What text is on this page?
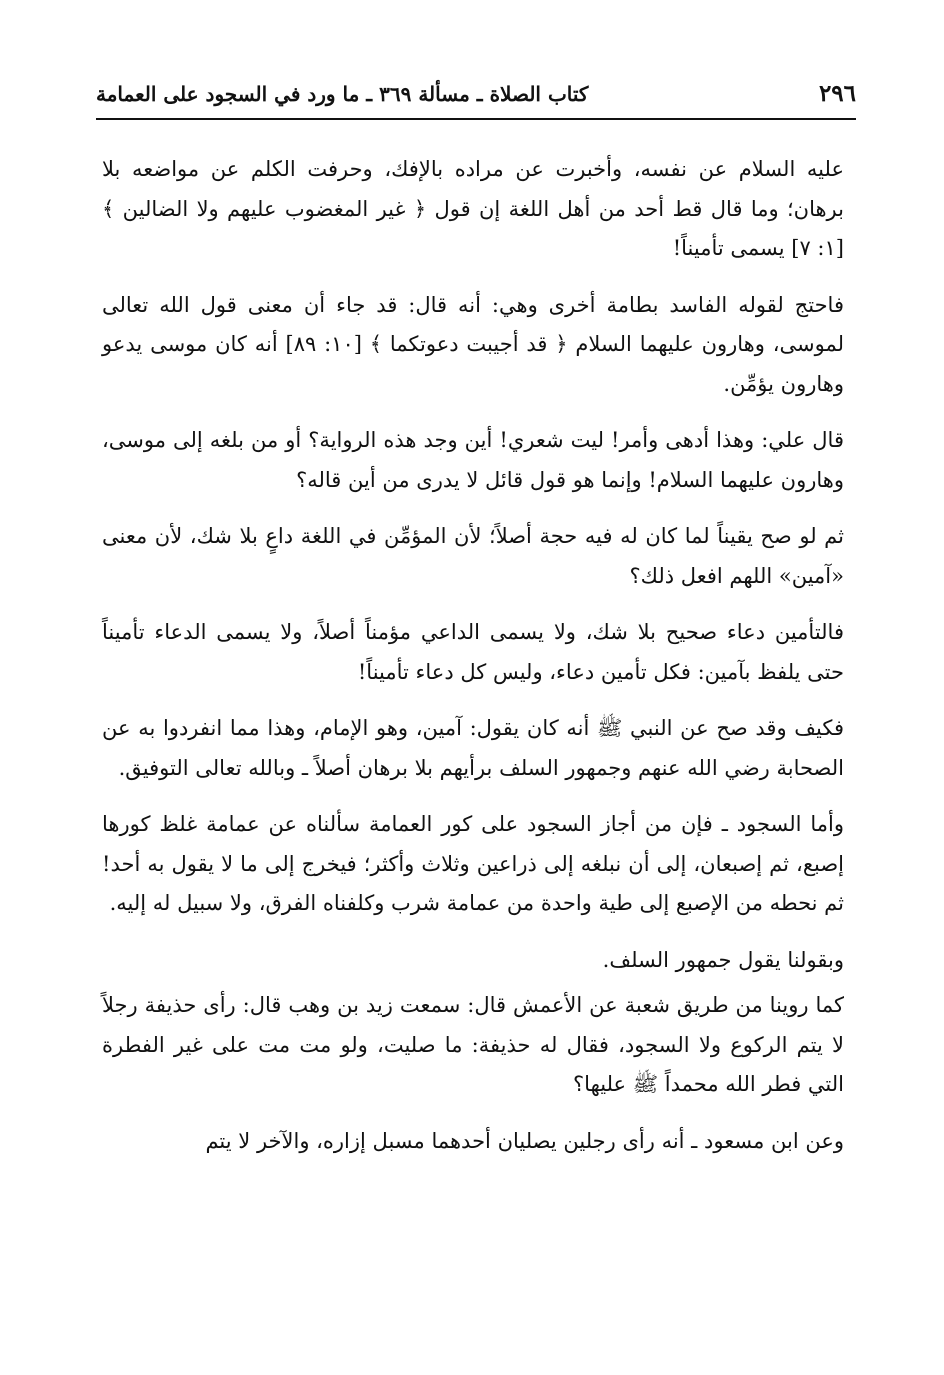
٢٩٦
كتاب الصلاة ـ مسألة ٣٦٩ ـ ما ورد في السجود على العمامة

عليه السلام عن نفسه، وأخبرت عن مراده بالإفك، وحرفت الكلم عن مواضعه بلا برهان؛ وما قال قط أحد من أهل اللغة إن قول ﴿ غير المغضوب عليهم ولا الضالين ﴾ [١: ٧] يسمى تأميناً!

فاحتج لقوله الفاسد بطامة أخرى وهي: أنه قال: قد جاء أن معنى قول الله تعالى لموسى، وهارون عليهما السلام ﴿ قد أجيبت دعوتكما ﴾ [١٠: ٨٩] أنه كان موسى يدعو وهارون يؤمِّن.

قال علي: وهذا أدهى وأمر! ليت شعري! أين وجد هذه الرواية؟ أو من بلغه إلى موسى، وهارون عليهما السلام! وإنما هو قول قائل لا يدرى من أين قاله؟

ثم لو صح يقيناً لما كان له فيه حجة أصلاً؛ لأن المؤمِّن في اللغة داعٍ بلا شك، لأن معنى «آمين» اللهم افعل ذلك؟

فالتأمين دعاء صحيح بلا شك، ولا يسمى الداعي مؤمناً أصلاً، ولا يسمى الدعاء تأميناً حتى يلفظ بآمين: فكل تأمين دعاء، وليس كل دعاء تأميناً!

فكيف وقد صح عن النبي ﷺ أنه كان يقول: آمين، وهو الإمام، وهذا مما انفردوا به عن الصحابة رضي الله عنهم وجمهور السلف برأيهم بلا برهان أصلاً ـ وبالله تعالى التوفيق.

وأما السجود ـ فإن من أجاز السجود على كور العمامة سألناه عن عمامة غلظ كورها إصبع، ثم إصبعان، إلى أن نبلغه إلى ذراعين وثلاث وأكثر؛ فيخرج إلى ما لا يقول به أحد! ثم نحطه من الإصبع إلى طية واحدة من عمامة شرب وكلفناه الفرق، ولا سبيل له إليه.

وبقولنا يقول جمهور السلف.

كما روينا من طريق شعبة عن الأعمش قال: سمعت زيد بن وهب قال: رأى حذيفة رجلاً لا يتم الركوع ولا السجود، فقال له حذيفة: ما صليت، ولو مت مت على غير الفطرة التي فطر الله محمداً ﷺ عليها؟

وعن ابن مسعود ـ أنه رأى رجلين يصليان أحدهما مسبل إزاره، والآخر لا يتم
